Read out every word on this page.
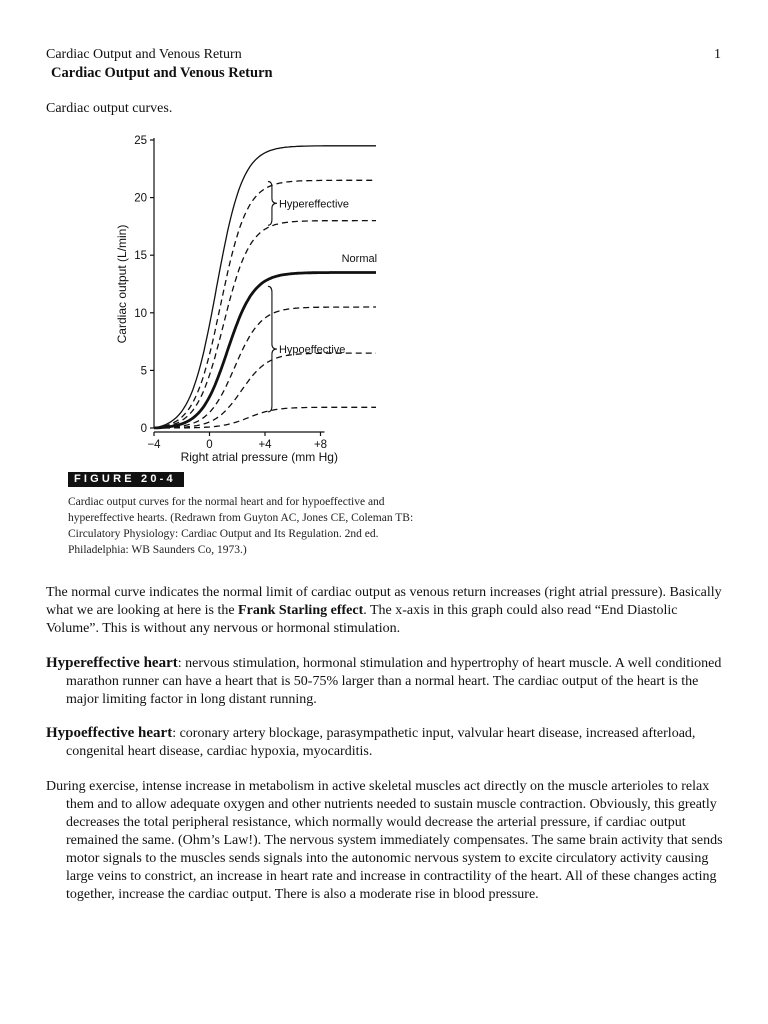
Cardiac Output and Venous Return	1
Cardiac Output and Venous Return
Cardiac output curves.
0
5
10
15
20
25
−4	0	+4	+8
Right atrial pressure (mm Hg)
Cardiac output (L/min)
Hypereffective
Hypoeffective
Normal
FIGURE 20-4
Cardiac output curves for the normal heart and for hypoeffective and hypereffective hearts. (Redrawn from Guyton AC, Jones CE, Coleman TB: Circulatory Physiology: Cardiac Output and Its Regulation. 2nd ed. Philadelphia: WB Saunders Co, 1973.)

The normal curve indicates the normal limit of cardiac output as venous return increases (right atrial pressure). Basically what we are looking at here is the Frank Starling effect. The x-axis in this graph could also read “End Diastolic Volume”. This is without any nervous or hormonal stimulation.

Hypereffective heart: nervous stimulation, hormonal stimulation and hypertrophy of heart muscle. A well conditioned marathon runner can have a heart that is 50-75% larger than a normal heart. The cardiac output of the heart is the major limiting factor in long distant running.

Hypoeffective heart: coronary artery blockage, parasympathetic input, valvular heart disease, increased afterload, congenital heart disease, cardiac hypoxia, myocarditis.

During exercise, intense increase in metabolism in active skeletal muscles act directly on the muscle arterioles to relax them and to allow adequate oxygen and other nutrients needed to sustain muscle contraction. Obviously, this greatly decreases the total peripheral resistance, which normally would decrease the arterial pressure, if cardiac output remained the same. (Ohm’s Law!). The nervous system immediately compensates. The same brain activity that sends motor signals to the muscles sends signals into the autonomic nervous system to excite circulatory activity causing large veins to constrict, an increase in heart rate and increase in contractility of the heart. All of these changes acting together, increase the cardiac output. There is also a moderate rise in blood pressure.
